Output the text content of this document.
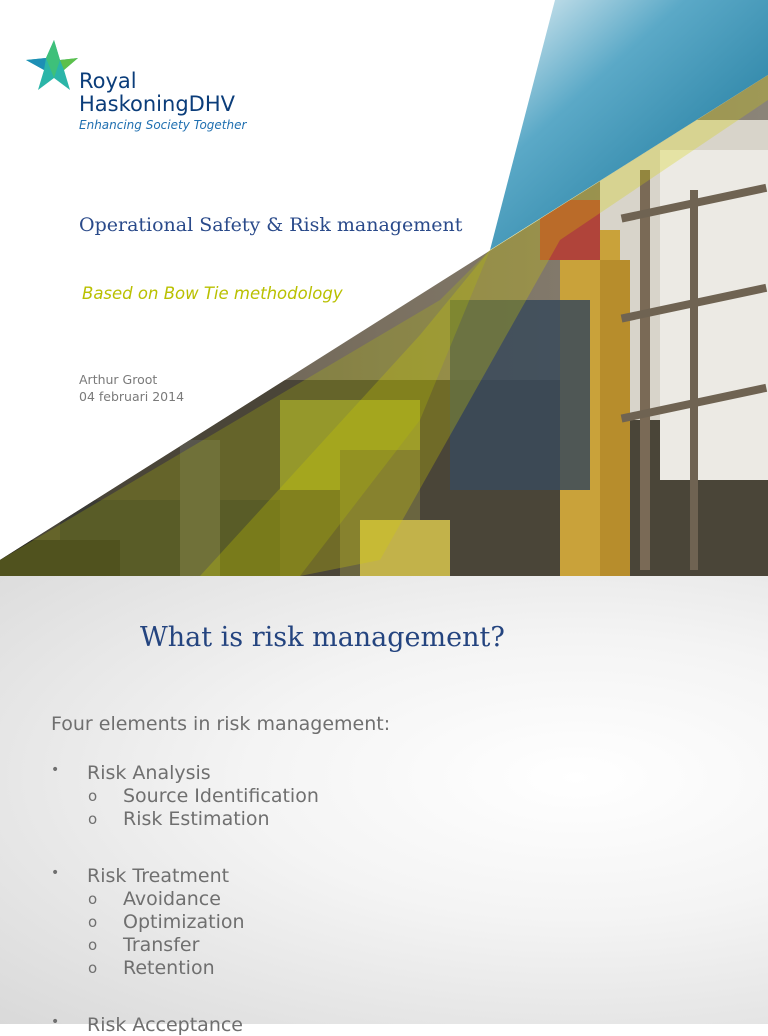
Royal
HaskoningDHV
Enhancing Society Together
Operational Safety & Risk management
Based on Bow Tie methodology
Arthur Groot
04 februari 2014
What is risk management?
Four elements in risk management:
• Risk Analysis
o Source Identification
o Risk Estimation
• Risk Treatment
o Avoidance
o Optimization
o Transfer
o Retention
• Risk Acceptance
